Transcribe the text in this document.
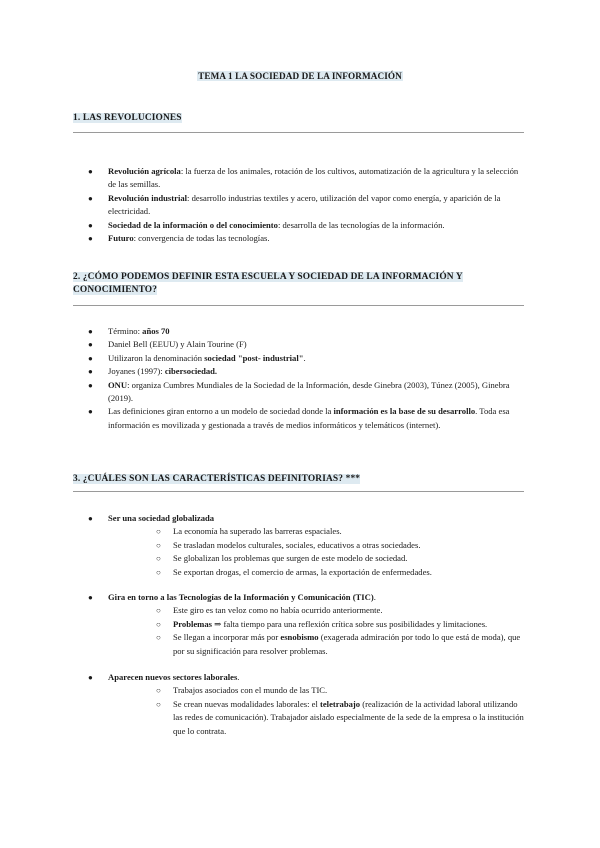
TEMA 1 LA SOCIEDAD DE LA INFORMACIÓN
1. LAS REVOLUCIONES
● Revolución agrícola: la fuerza de los animales, rotación de los cultivos, automatización de la agricultura y la selección de las semillas.
● Revolución industrial: desarrollo industrias textiles y acero, utilización del vapor como energía, y aparición de la electricidad.
● Sociedad de la información o del conocimiento: desarrolla de las tecnologías de la información.
● Futuro: convergencia de todas las tecnologías.
2. ¿CÓMO PODEMOS DEFINIR ESTA ESCUELA Y SOCIEDAD DE LA INFORMACIÓN Y CONOCIMIENTO?
● Término: años 70
● Daniel Bell (EEUU) y Alain Tourine (F)
● Utilizaron la denominación sociedad "post- industrial".
● Joyanes (1997): cibersociedad.
● ONU: organiza Cumbres Mundiales de la Sociedad de la Información, desde Ginebra (2003), Túnez (2005), Ginebra (2019).
● Las definiciones giran entorno a un modelo de sociedad donde la información es la base de su desarrollo. Toda esa información es movilizada y gestionada a través de medios informáticos y telemáticos (internet).
3. ¿CUÁLES SON LAS CARACTERÍSTICAS DEFINITORIAS? ***
● Ser una sociedad globalizada
○ La economía ha superado las barreras espaciales.
○ Se trasladan modelos culturales, sociales, educativos a otras sociedades.
○ Se globalizan los problemas que surgen de este modelo de sociedad.
○ Se exportan drogas, el comercio de armas, la exportación de enfermedades.
● Gira en torno a las Tecnologías de la Información y Comunicación (TIC).
○ Este giro es tan veloz como no había ocurrido anteriormente.
○ Problemas ⇒ falta tiempo para una reflexión crítica sobre sus posibilidades y limitaciones.
○ Se llegan a incorporar más por esnobismo (exagerada admiración por todo lo que está de moda), que por su significación para resolver problemas.
● Aparecen nuevos sectores laborales.
○ Trabajos asociados con el mundo de las TIC.
○ Se crean nuevas modalidades laborales: el teletrabajo (realización de la actividad laboral utilizando las redes de comunicación). Trabajador aislado especialmente de la sede de la empresa o la institución que lo contrata.
